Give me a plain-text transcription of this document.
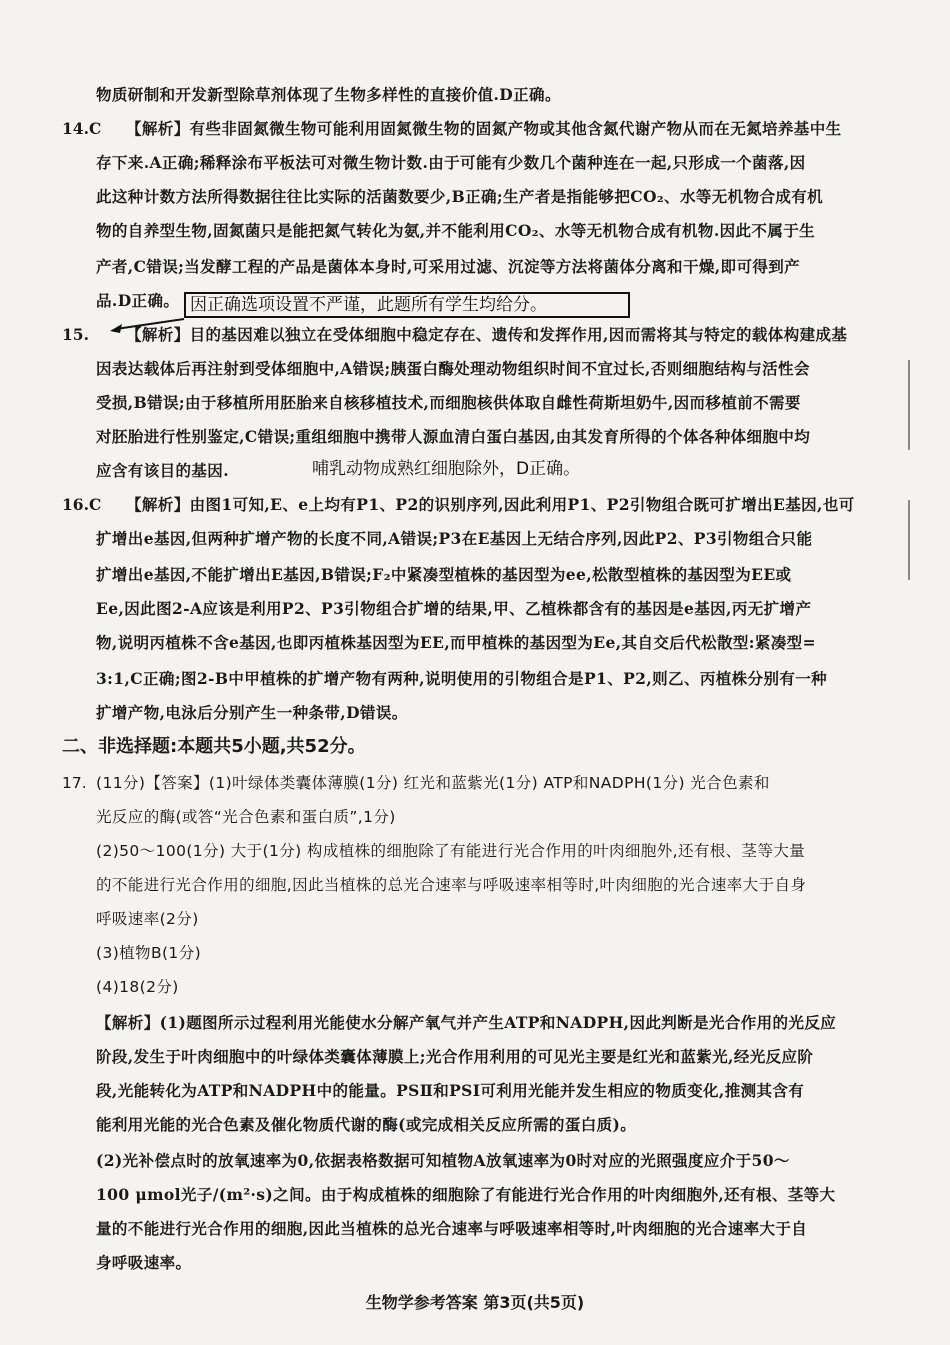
物质研制和开发新型除草剂体现了生物多样性的直接价值.D正确。
14.C 【解析】有些非固氮微生物可能利用固氮微生物的固氮产物或其他含氮代谢产物从而在无氮培养基中生
存下来.A正确;稀释涂布平板法可对微生物计数.由于可能有少数几个菌种连在一起,只形成一个菌落,因
此这种计数方法所得数据往往比实际的活菌数要少,B正确;生产者是指能够把CO₂、水等无机物合成有机
物的自养型生物,固氮菌只是能把氮气转化为氨,并不能利用CO₂、水等无机物合成有机物.因此不属于生
产者,C错误;当发酵工程的产品是菌体本身时,可采用过滤、沉淀等方法将菌体分离和干燥,即可得到产
品.D正确。 因正确选项设置不严谨，此题所有学生均给分。
15. 【解析】目的基因难以独立在受体细胞中稳定存在、遗传和发挥作用,因而需将其与特定的载体构建成基
因表达载体后再注射到受体细胞中,A错误;胰蛋白酶处理动物组织时间不宜过长,否则细胞结构与活性会
受损,B错误;由于移植所用胚胎来自核移植技术,而细胞核供体取自雌性荷斯坦奶牛,因而移植前不需要
对胚胎进行性别鉴定,C错误;重组细胞中携带人源血清白蛋白基因,由其发育所得的个体各种体细胞中均
应含有该目的基因.	哺乳动物成熟红细胞除外，D正确。
16.C 【解析】由图1可知,E、e上均有P1、P2的识别序列,因此利用P1、P2引物组合既可扩增出E基因,也可
扩增出e基因,但两种扩增产物的长度不同,A错误;P3在E基因上无结合序列,因此P2、P3引物组合只能
扩增出e基因,不能扩增出E基因,B错误;F₂中紧凑型植株的基因型为ee,松散型植株的基因型为EE或
Ee,因此图2-A应该是利用P2、P3引物组合扩增的结果,甲、乙植株都含有的基因是e基因,丙无扩增产
物,说明丙植株不含e基因,也即丙植株基因型为EE,而甲植株的基因型为Ee,其自交后代松散型:紧凑型=
3:1,C正确;图2-B中甲植株的扩增产物有两种,说明使用的引物组合是P1、P2,则乙、丙植株分别有一种
扩增产物,电泳后分别产生一种条带,D错误。
二、非选择题:本题共5小题,共52分。
17. (11分)【答案】(1)叶绿体类囊体薄膜(1分) 红光和蓝紫光(1分) ATP和NADPH(1分) 光合色素和
光反应的酶(或答“光合色素和蛋白质”,1分)
(2)50～100(1分) 大于(1分) 构成植株的细胞除了有能进行光合作用的叶肉细胞外,还有根、茎等大量
的不能进行光合作用的细胞,因此当植株的总光合速率与呼吸速率相等时,叶肉细胞的光合速率大于自身
呼吸速率(2分)
(3)植物B(1分)
(4)18(2分)
【解析】(1)题图所示过程利用光能使水分解产氧气并产生ATP和NADPH,因此判断是光合作用的光反应
阶段,发生于叶肉细胞中的叶绿体类囊体薄膜上;光合作用利用的可见光主要是红光和蓝紫光,经光反应阶
段,光能转化为ATP和NADPH中的能量。PSⅡ和PSⅠ可利用光能并发生相应的物质变化,推测其含有
能利用光能的光合色素及催化物质代谢的酶(或完成相关反应所需的蛋白质)。
(2)光补偿点时的放氧速率为0,依据表格数据可知植物A放氧速率为0时对应的光照强度应介于50～
100 μmol光子/(m²·s)之间。由于构成植株的细胞除了有能进行光合作用的叶肉细胞外,还有根、茎等大
量的不能进行光合作用的细胞,因此当植株的总光合速率与呼吸速率相等时,叶肉细胞的光合速率大于自
身呼吸速率。
生物学参考答案 第3页(共5页)
